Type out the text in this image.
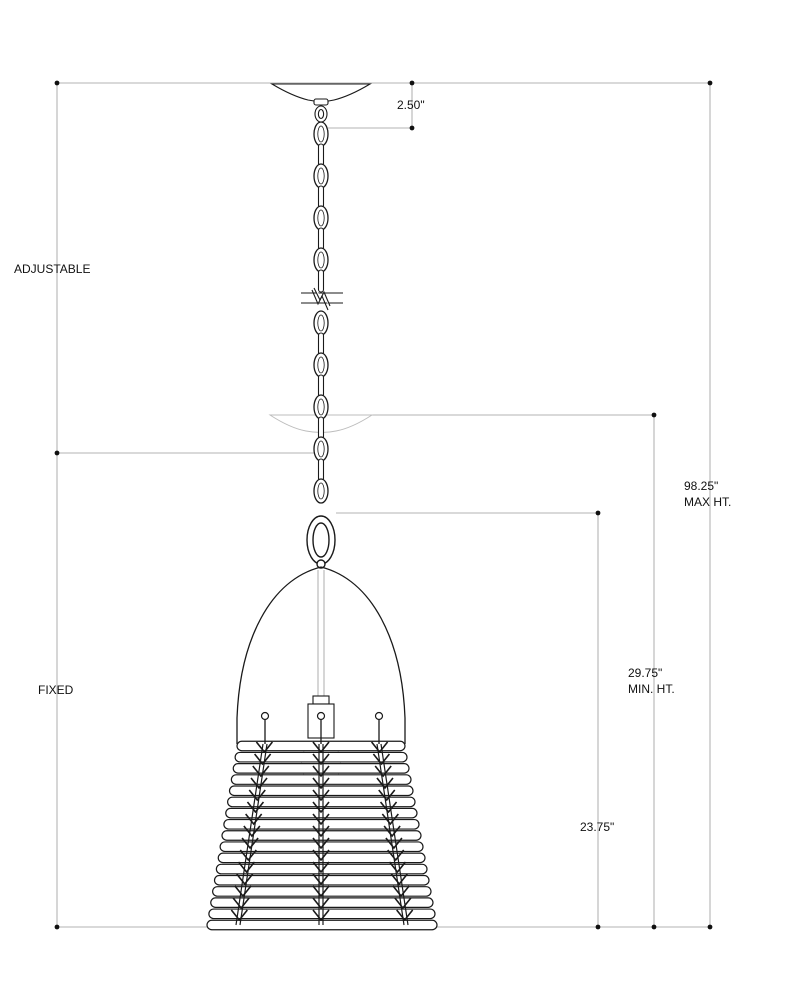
ADJUSTABLE
FIXED
2.50"
98.25"
MAX HT.
29.75"
MIN. HT.
23.75"
